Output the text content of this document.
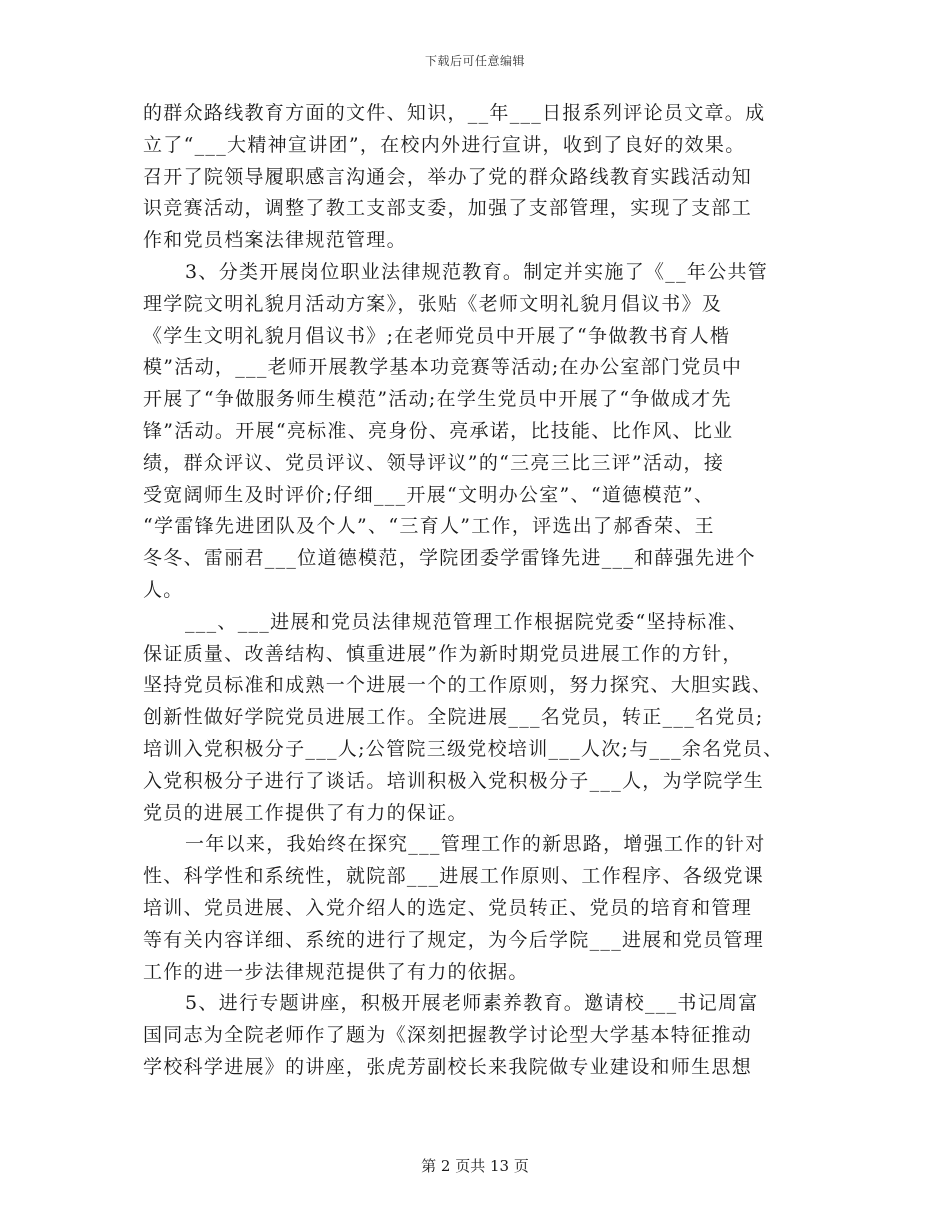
下载后可任意编辑
的群众路线教育方面的文件、知识，__年___日报系列评论员文章。成
立了“___大精神宣讲团”，在校内外进行宣讲，收到了良好的效果。
召开了院领导履职感言沟通会，举办了党的群众路线教育实践活动知
识竞赛活动，调整了教工支部支委，加强了支部管理，实现了支部工
作和党员档案法律规范管理。
3、分类开展岗位职业法律规范教育。制定并实施了《__年公共管
理学院文明礼貌月活动方案》，张贴《老师文明礼貌月倡议书》及
《学生文明礼貌月倡议书》;在老师党员中开展了“争做教书育人楷
模”活动，___老师开展教学基本功竞赛等活动;在办公室部门党员中
开展了“争做服务师生模范”活动;在学生党员中开展了“争做成才先
锋”活动。开展“亮标准、亮身份、亮承诺，比技能、比作风、比业
绩，群众评议、党员评议、领导评议”的“三亮三比三评”活动，接
受宽阔师生及时评价;仔细___开展“文明办公室”、“道德模范”、
“学雷锋先进团队及个人”、“三育人”工作，评选出了郝香荣、王
冬冬、雷丽君___位道德模范，学院团委学雷锋先进___和薛强先进个
人。
___、___进展和党员法律规范管理工作根据院党委“坚持标准、
保证质量、改善结构、慎重进展”作为新时期党员进展工作的方针，
坚持党员标准和成熟一个进展一个的工作原则，努力探究、大胆实践、
创新性做好学院党员进展工作。全院进展___名党员，转正___名党员;
培训入党积极分子___人;公管院三级党校培训___人次;与___余名党员、
入党积极分子进行了谈话。培训积极入党积极分子___人，为学院学生
党员的进展工作提供了有力的保证。
一年以来，我始终在探究___管理工作的新思路，增强工作的针对
性、科学性和系统性，就院部___进展工作原则、工作程序、各级党课
培训、党员进展、入党介绍人的选定、党员转正、党员的培育和管理
等有关内容详细、系统的进行了规定，为今后学院___进展和党员管理
工作的进一步法律规范提供了有力的依据。
5、进行专题讲座，积极开展老师素养教育。邀请校___书记周富
国同志为全院老师作了题为《深刻把握教学讨论型大学基本特征推动
学校科学进展》的讲座，张虎芳副校长来我院做专业建设和师生思想
第 2 页共 13 页
